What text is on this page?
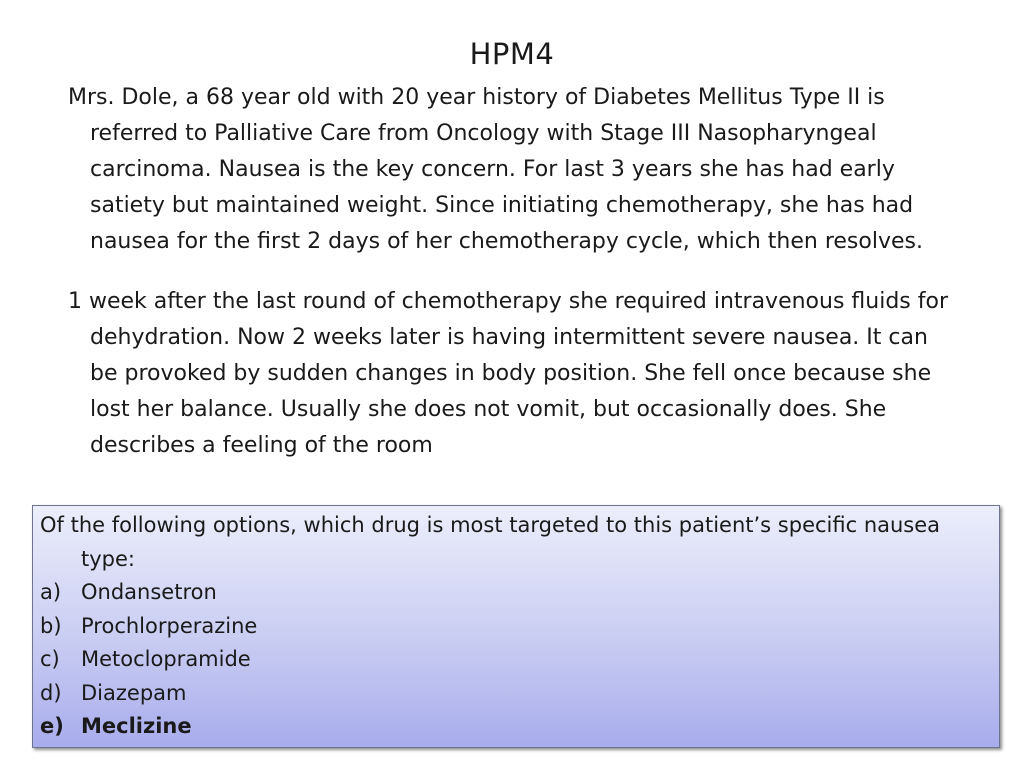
HPM4

Mrs. Dole, a 68 year old with 20 year history of Diabetes Mellitus Type II is referred to Palliative Care from Oncology with Stage III Nasopharyngeal carcinoma. Nausea is the key concern. For last 3 years she has had early satiety but maintained weight. Since initiating chemotherapy, she has had nausea for the first 2 days of her chemotherapy cycle, which then resolves.

1 week after the last round of chemotherapy she required intravenous fluids for dehydration. Now 2 weeks later is having intermittent severe nausea. It can be provoked by sudden changes in body position. She fell once because she lost her balance. Usually she does not vomit, but occasionally does. She describes a feeling of the room

Of the following options, which drug is most targeted to this patient’s specific nausea type:

a) Ondansetron
b) Prochlorperazine
c)	Metoclopramide
d) Diazepam
e) Meclizine
